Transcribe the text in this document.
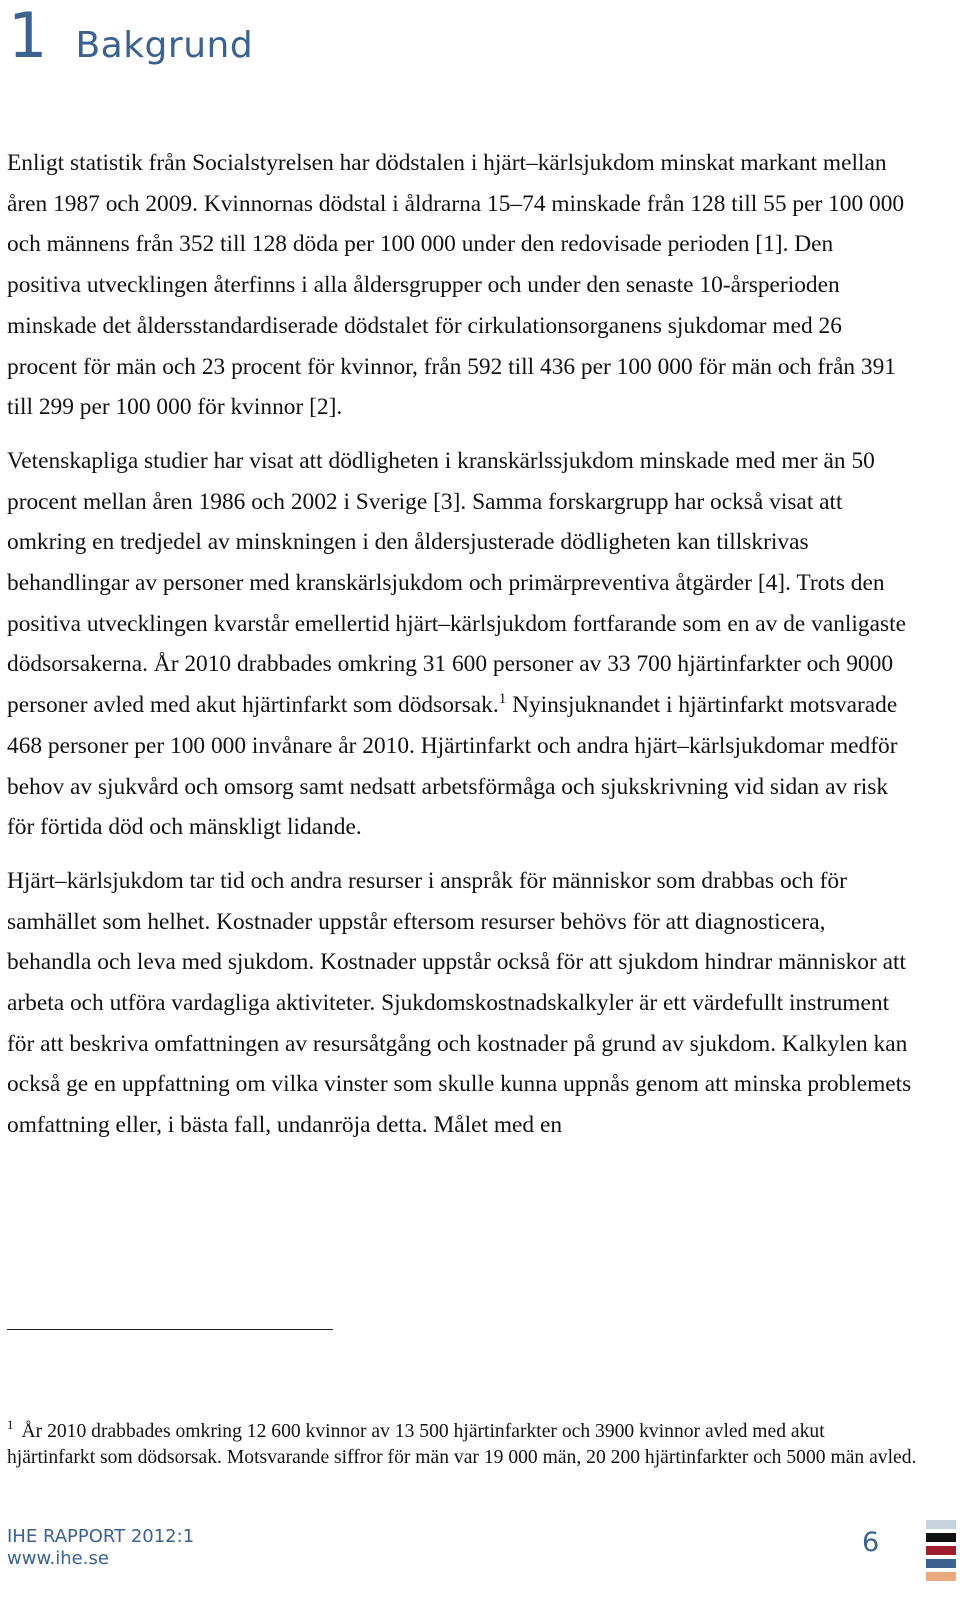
1 Bakgrund

Enligt statistik från Socialstyrelsen har dödstalen i hjärt–kärlsjukdom minskat markant mellan åren 1987 och 2009. Kvinnornas dödstal i åldrarna 15–74 minskade från 128 till 55 per 100 000 och männens från 352 till 128 döda per 100 000 under den redovisade perioden [1]. Den positiva utvecklingen återfinns i alla åldersgrupper och under den senaste 10-årsperioden minskade det åldersstandardiserade dödstalet för cirkulationsorganens sjukdomar med 26 procent för män och 23 procent för kvinnor, från 592 till 436 per 100 000 för män och från 391 till 299 per 100 000 för kvinnor [2].

Vetenskapliga studier har visat att dödligheten i kranskärlssjukdom minskade med mer än 50 procent mellan åren 1986 och 2002 i Sverige [3]. Samma forskargrupp har också visat att omkring en tredjedel av minskningen i den åldersjusterade dödligheten kan tillskrivas behandlingar av personer med kranskärlsjukdom och primärpreventiva åtgärder [4]. Trots den positiva utvecklingen kvarstår emellertid hjärt–kärlsjukdom fortfarande som en av de vanligaste dödsorsakerna. År 2010 drabbades omkring 31 600 personer av 33 700 hjärtinfarkter och 9000 personer avled med akut hjärtinfarkt som dödsorsak.$^1$ Nyinsjuknandet i hjärtinfarkt motsvarade 468 personer per 100 000 invånare år 2010. Hjärtinfarkt och andra hjärt–kärlsjukdomar medför behov av sjukvård och omsorg samt nedsatt arbetsförmåga och sjukskrivning vid sidan av risk för förtida död och mänskligt lidande.

Hjärt–kärlsjukdom tar tid och andra resurser i anspråk för människor som drabbas och för samhället som helhet. Kostnader uppstår eftersom resurser behövs för att diagnosticera, behandla och leva med sjukdom. Kostnader uppstår också för att sjukdom hindrar människor att arbeta och utföra vardagliga aktiviteter. Sjukdomskostnadskalkyler är ett värdefullt instrument för att beskriva omfattningen av resursåtgång och kostnader på grund av sjukdom. Kalkylen kan också ge en uppfattning om vilka vinster som skulle kunna uppnås genom att minska problemets omfattning eller, i bästa fall, undanröja detta. Målet med en

$^1$ År 2010 drabbades omkring 12 600 kvinnor av 13 500 hjärtinfarkter och 3900 kvinnor avled med akut hjärtinfarkt som dödsorsak. Motsvarande siffror för män var 19 000 män, 20 200 hjärtinfarkter och 5000 män avled.
IHE RAPPORT 2012:1
www.ihe.se
6
